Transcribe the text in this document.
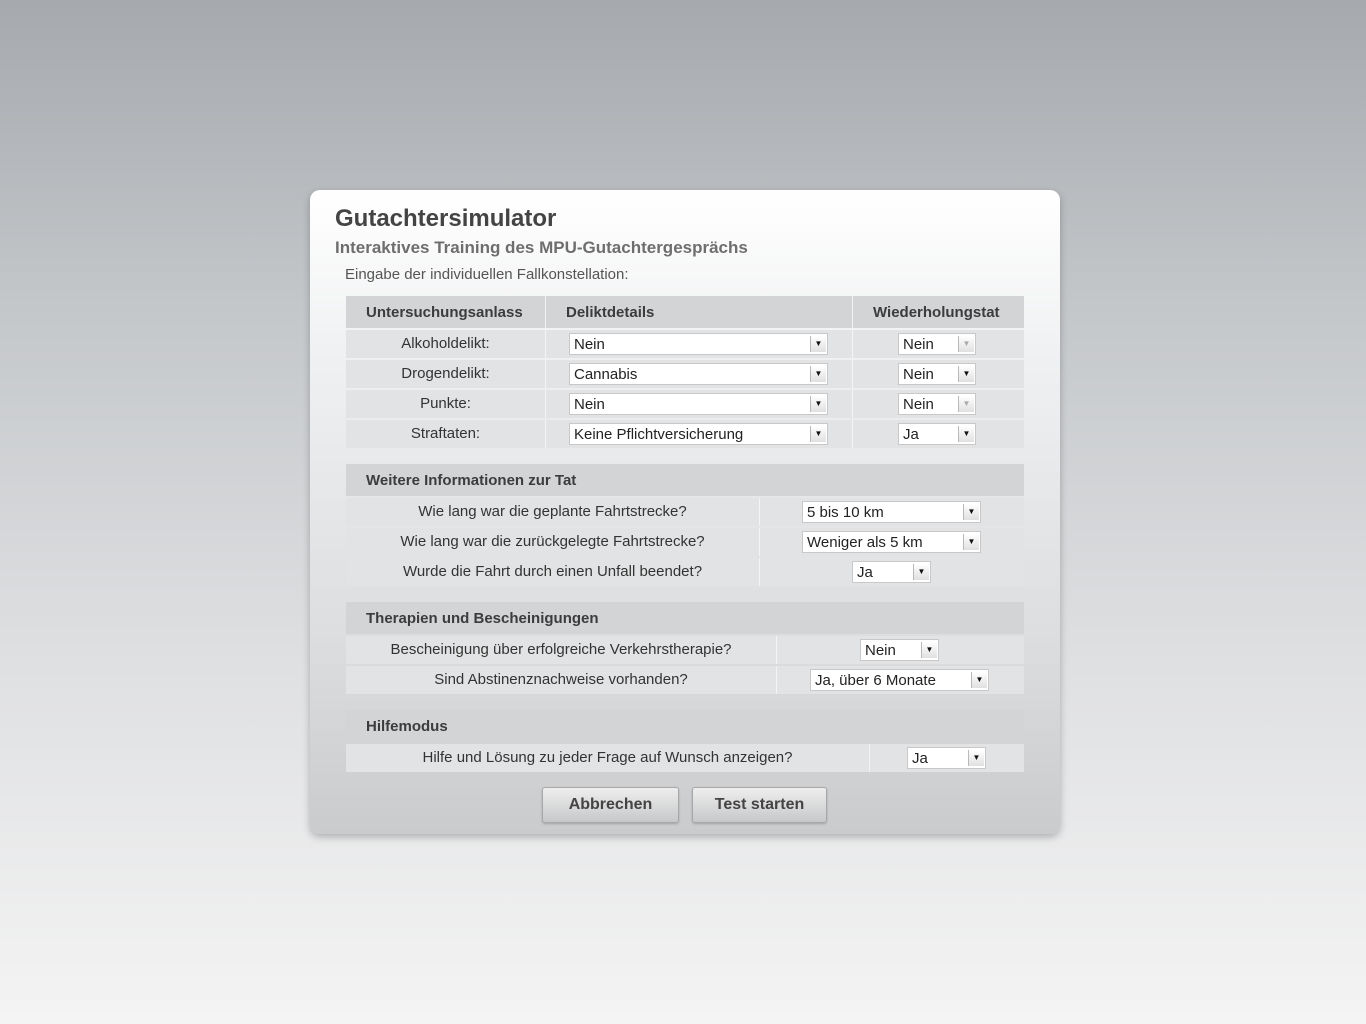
Gutachtersimulator
Interaktives Training des MPU-Gutachtergesprächs
Eingabe der individuellen Fallkonstellation:
Untersuchungsanlass	Deliktdetails	Wiederholungstat
Alkoholdelikt:	Nein	▼	Nein	▼
Drogendelikt:	Cannabis	▼	Nein	▼
Punkte:	Nein	▼	Nein	▼
Straftaten:	Keine Pflichtversicherung	▼	Ja	▼
Weitere Informationen zur Tat
Wie lang war die geplante Fahrtstrecke?	5 bis 10 km	▼
Wie lang war die zurückgelegte Fahrtstrecke?	Weniger als 5 km	▼
Wurde die Fahrt durch einen Unfall beendet?	Ja	▼
Therapien und Bescheinigungen
Bescheinigung über erfolgreiche Verkehrstherapie?	Nein	▼
Sind Abstinenznachweise vorhanden?	Ja, über 6 Monate	▼
Hilfemodus
Hilfe und Lösung zu jeder Frage auf Wunsch anzeigen?	Ja	▼
Abbrechen	Test starten
